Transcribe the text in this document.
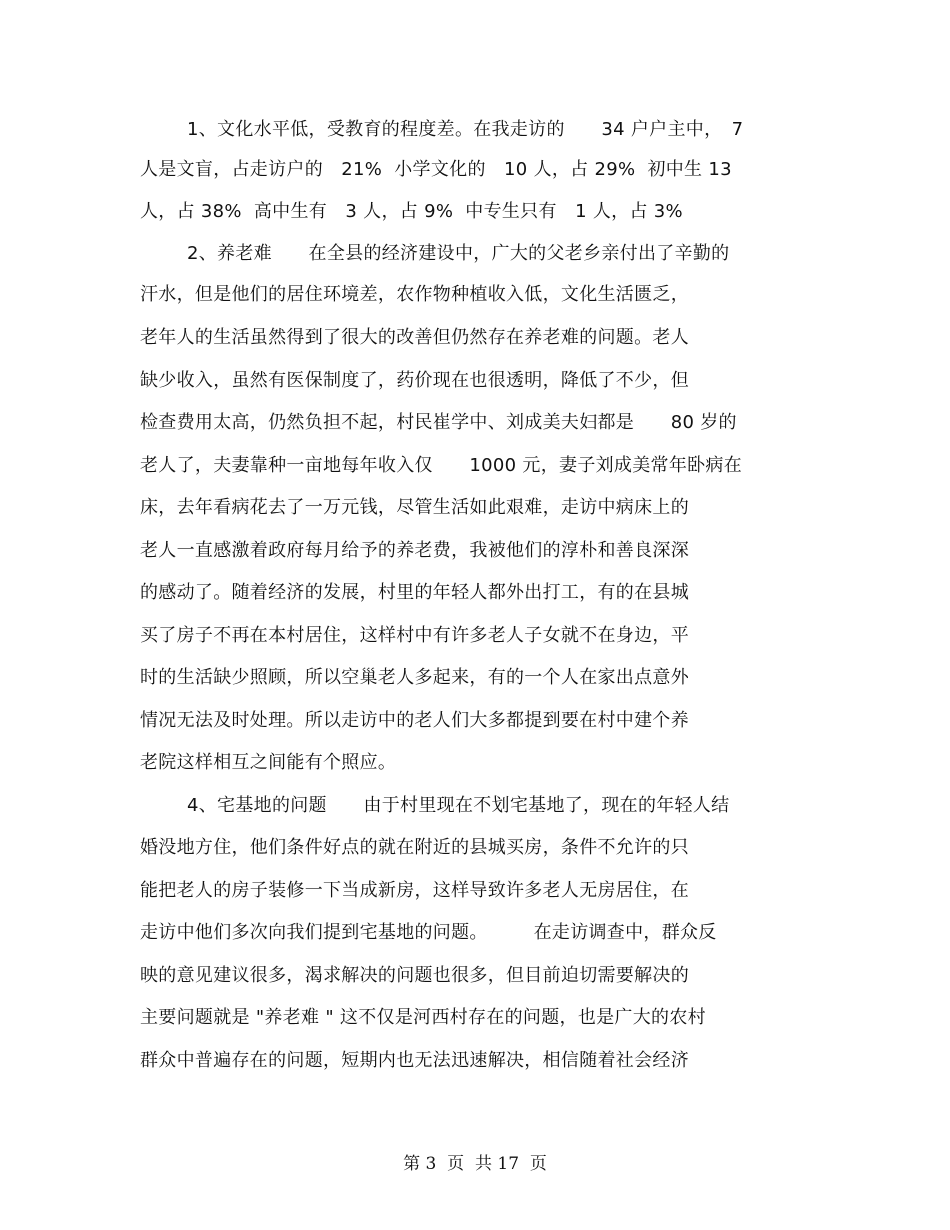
1、文化水平低，受教育的程度差。在我走访的　　34 户户主中，　7
人是文盲，占走访户的　21%  小学文化的　10 人，占 29%  初中生 13
人，占 38%  高中生有　3 人，占 9%  中专生只有　1 人，占 3%
2、养老难　　在全县的经济建设中，广大的父老乡亲付出了辛勤的
汗水，但是他们的居住环境差，农作物种植收入低，文化生活匮乏，
老年人的生活虽然得到了很大的改善但仍然存在养老难的问题。老人
缺少收入，虽然有医保制度了，药价现在也很透明，降低了不少，但
检查费用太高，仍然负担不起，村民崔学中、刘成美夫妇都是　　80 岁的
老人了，夫妻靠种一亩地每年收入仅　　1000 元，妻子刘成美常年卧病在
床，去年看病花去了一万元钱，尽管生活如此艰难，走访中病床上的
老人一直感激着政府每月给予的养老费，我被他们的淳朴和善良深深
的感动了。随着经济的发展，村里的年轻人都外出打工，有的在县城
买了房子不再在本村居住，这样村中有许多老人子女就不在身边，平
时的生活缺少照顾，所以空巢老人多起来，有的一个人在家出点意外
情况无法及时处理。所以走访中的老人们大多都提到要在村中建个养
老院这样相互之间能有个照应。
4、宅基地的问题　　由于村里现在不划宅基地了，现在的年轻人结
婚没地方住，他们条件好点的就在附近的县城买房，条件不允许的只
能把老人的房子装修一下当成新房，这样导致许多老人无房居住，在
走访中他们多次向我们提到宅基地的问题。　　　在走访调查中，群众反
映的意见建议很多，渴求解决的问题也很多，但目前迫切需要解决的
主要问题就是 "养老难 " 这不仅是河西村存在的问题，也是广大的农村
群众中普遍存在的问题，短期内也无法迅速解决，相信随着社会经济
第 3  页  共 17  页
